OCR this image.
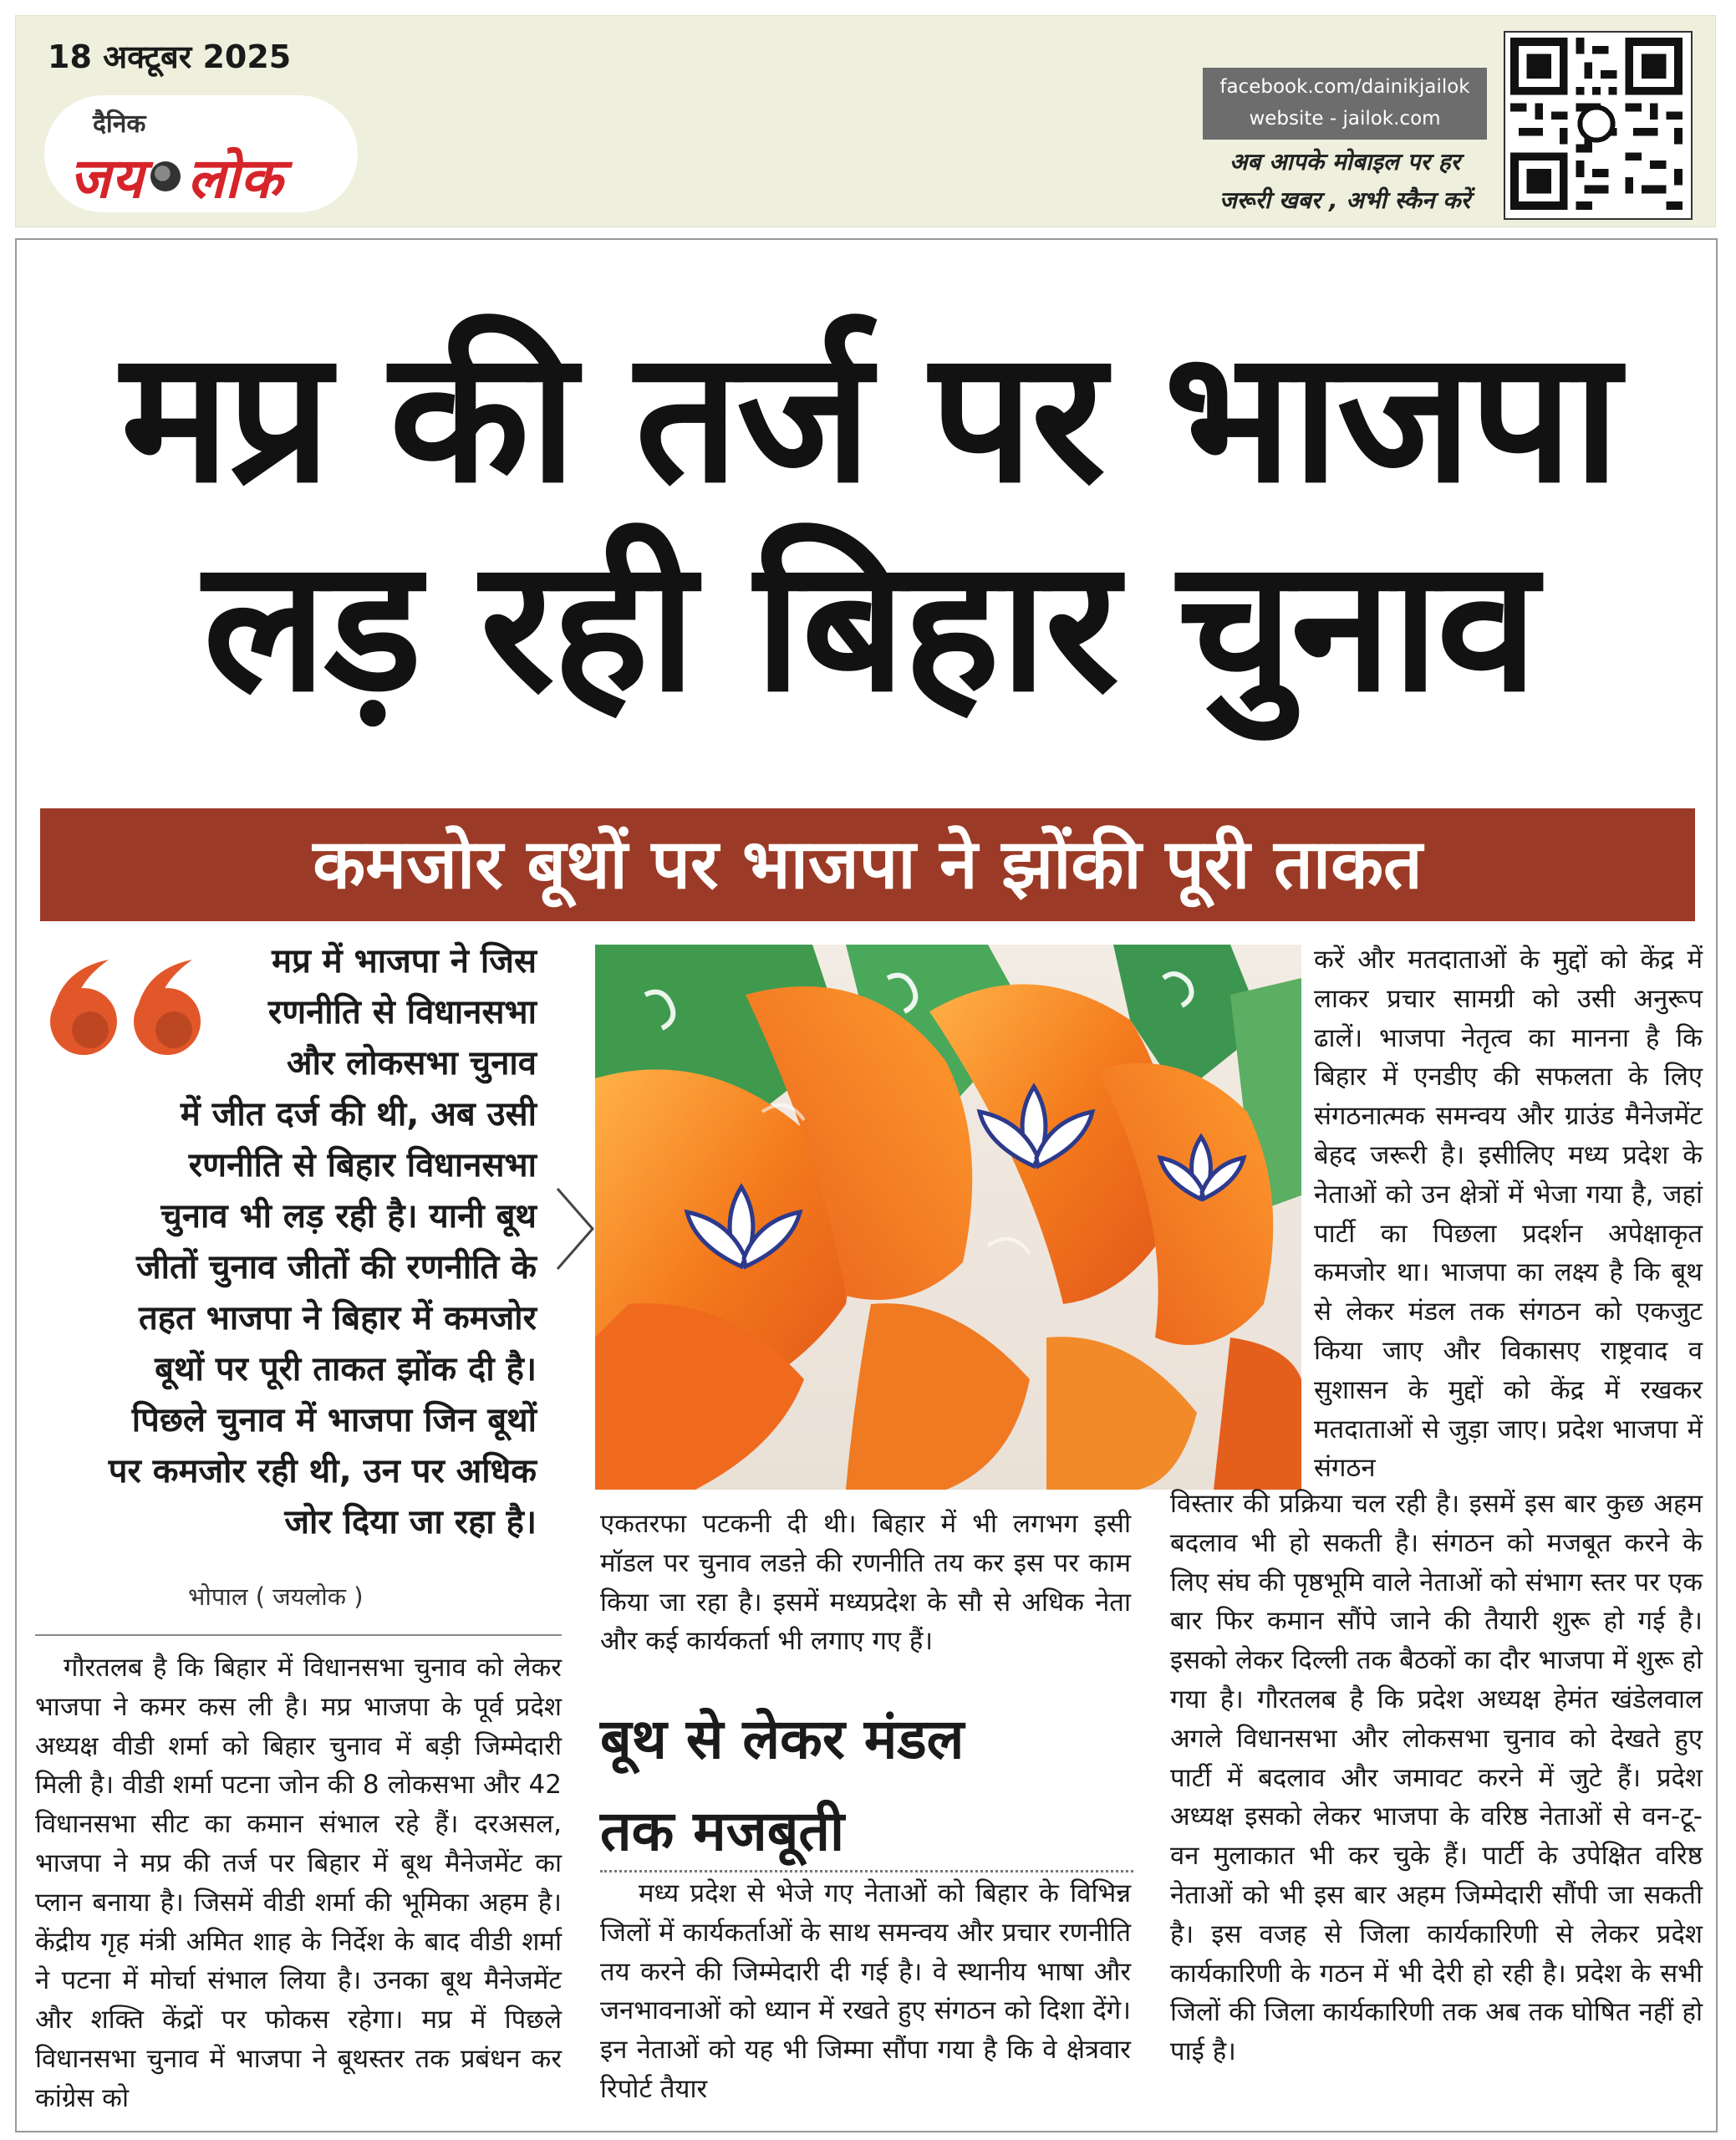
18 अक्टूबर 2025
दैनिक
जय लोक
facebook.com/dainikjailok
website - jailok.com
अब आपके मोबाइल पर हर
जरूरी खबर , अभी स्कैन करें
मप्र की तर्ज पर भाजपा
लड़ रही बिहार चुनाव
कमजोर बूथों पर भाजपा ने झोंकी पूरी ताकत
मप्र में भाजपा ने जिस
रणनीति से विधानसभा
और लोकसभा चुनाव
में जीत दर्ज की थी, अब उसी
रणनीति से बिहार विधानसभा
चुनाव भी लड़ रही है। यानी बूथ
जीतों चुनाव जीतों की रणनीति के
तहत भाजपा ने बिहार में कमजोर
बूथों पर पूरी ताकत झोंक दी है।
पिछले चुनाव में भाजपा जिन बूथों
पर कमजोर रही थी, उन पर अधिक
जोर दिया जा रहा है।
भोपाल ( जयलोक )

गौरतलब है कि बिहार में विधानसभा चुनाव को लेकर भाजपा ने कमर कस ली है। मप्र भाजपा के पूर्व प्रदेश अध्यक्ष वीडी शर्मा को बिहार चुनाव में बड़ी जिम्मेदारी मिली है। वीडी शर्मा पटना जोन की 8 लोकसभा और 42 विधानसभा सीट का कमान संभाल रहे हैं। दरअसल, भाजपा ने मप्र की तर्ज पर बिहार में बूथ मैनेजमेंट का प्लान बनाया है। जिसमें वीडी शर्मा की भूमिका अहम है। केंद्रीय गृह मंत्री अमित शाह के निर्देश के बाद वीडी शर्मा ने पटना में मोर्चा संभाल लिया है। उनका बूथ मैनेजमेंट और शक्ति केंद्रों पर फोकस रहेगा। मप्र में पिछले विधानसभा चुनाव में भाजपा ने बूथस्तर तक प्रबंधन कर कांग्रेस को

एकतरफा पटकनी दी थी। बिहार में भी लगभग इसी मॉडल पर चुनाव लडऩे की रणनीति तय कर इस पर काम किया जा रहा है। इसमें मध्यप्रदेश के सौ से अधिक नेता और कई कार्यकर्ता भी लगाए गए हैं।

बूथ से लेकर मंडल
तक मजबूती

मध्य प्रदेश से भेजे गए नेताओं को बिहार के विभिन्न जिलों में कार्यकर्ताओं के साथ समन्वय और प्रचार रणनीति तय करने की जिम्मेदारी दी गई है। वे स्थानीय भाषा और जनभावनाओं को ध्यान में रखते हुए संगठन को दिशा देंगे। इन नेताओं को यह भी जिम्मा सौंपा गया है कि वे क्षेत्रवार रिपोर्ट तैयार

करें और मतदाताओं के मुद्दों को केंद्र में लाकर प्रचार सामग्री को उसी अनुरूप ढालें। भाजपा नेतृत्व का मानना है कि बिहार में एनडीए की सफलता के लिए संगठनात्मक समन्वय और ग्राउंड मैनेजमेंट बेहद जरूरी है। इसीलिए मध्य प्रदेश के नेताओं को उन क्षेत्रों में भेजा गया है, जहां पार्टी का पिछला प्रदर्शन अपेक्षाकृत कमजोर था। भाजपा का लक्ष्य है कि बूथ से लेकर मंडल तक संगठन को एकजुट किया जाए और विकासए राष्ट्रवाद व सुशासन के मुद्दों को केंद्र में रखकर मतदाताओं से जुड़ा जाए। प्रदेश भाजपा में संगठन

विस्तार की प्रक्रिया चल रही है। इसमें इस बार कुछ अहम बदलाव भी हो सकती है। संगठन को मजबूत करने के लिए संघ की पृष्ठभूमि वाले नेताओं को संभाग स्तर पर एक बार फिर कमान सौंपे जाने की तैयारी शुरू हो गई है। इसको लेकर दिल्ली तक बैठकों का दौर भाजपा में शुरू हो गया है। गौरतलब है कि प्रदेश अध्यक्ष हेमंत खंडेलवाल अगले विधानसभा और लोकसभा चुनाव को देखते हुए पार्टी में बदलाव और जमावट करने में जुटे हैं। प्रदेश अध्यक्ष इसको लेकर भाजपा के वरिष्ठ नेताओं से वन-टू-वन मुलाकात भी कर चुके हैं। पार्टी के उपेक्षित वरिष्ठ नेताओं को भी इस बार अहम जिम्मेदारी सौंपी जा सकती है। इस वजह से जिला कार्यकारिणी से लेकर प्रदेश कार्यकारिणी के गठन में भी देरी हो रही है। प्रदेश के सभी जिलों की जिला कार्यकारिणी तक अब तक घोषित नहीं हो पाई है।
